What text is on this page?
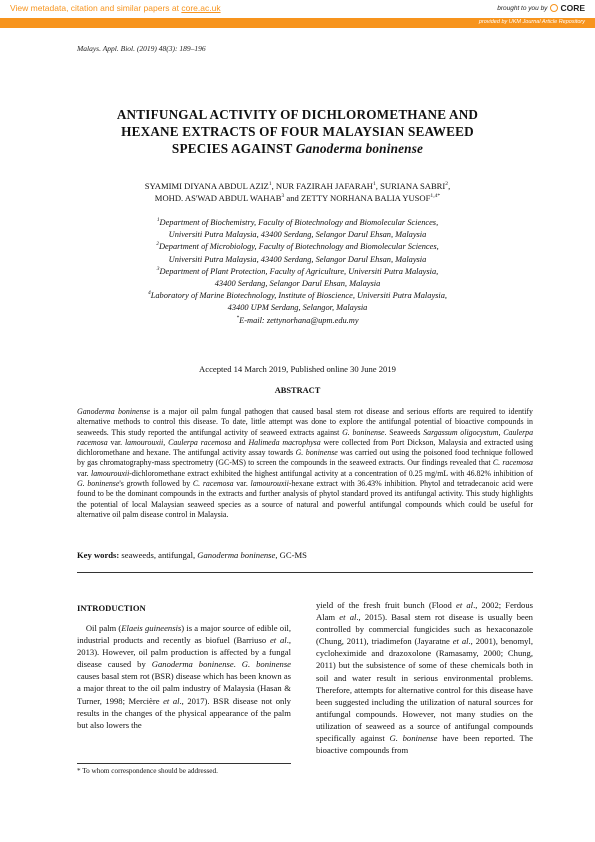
View metadata, citation and similar papers at core.ac.uk	brought to you by CORE
provided by UKM Journal Article Repository
Malays. Appl. Biol. (2019) 48(3): 189–196
ANTIFUNGAL ACTIVITY OF DICHLOROMETHANE AND
HEXANE EXTRACTS OF FOUR MALAYSIAN SEAWEED
SPECIES AGAINST Ganoderma boninense
SYAMIMI DIYANA ABDUL AZIZ$^1$, NUR FAZIRAH JAFARAH$^1$, SURIANA SABRI$^2$,
MOHD. AS'WAD ABDUL WAHAB$^3$ and ZETTY NORHANA BALIA $YUSOF^{1,4*}$
$^1$Department of Biochemistry, Faculty of Biotechnology and Biomolecular Sciences,
Universiti Putra Malaysia, 43400 Serdang, Selangor Darul Ehsan, Malaysia
$^2$Department of Microbiology, Faculty of Biotechnology and Biomolecular Sciences,
Universiti Putra Malaysia, 43400 Serdang, Selangor Darul Ehsan, Malaysia
$^3$Department of Plant Protection, Faculty of Agriculture, Universiti Putra Malaysia,
43400 Serdang, Selangor Darul Ehsan, Malaysia
$^4$Laboratory of Marine Biotechnology, Institute of Bioscience, Universiti Putra Malaysia,
43400 UPM Serdang, Selangor, Malaysia
*E-mail: zettynorhana@upm.edu.my
Accepted 14 March 2019, Published online 30 June 2019
ABSTRACT
Ganoderma boninense is a major oil palm fungal pathogen that caused basal stem rot disease and serious efforts are required to identify alternative methods to control this disease. To date, little attempt was done to explore the antifungal potential of bioactive compounds in seaweeds. This study reported the antifungal activity of seaweed extracts against G. boninense. Seaweeds Sargassum oligocystum, Caulerpa racemosa var. lamourouxii, Caulerpa racemosa and Halimeda macrophysa were collected from Port Dickson, Malaysia and extracted using dichloromethane and hexane. The antifungal activity assay towards G. boninense was carried out using the poisoned food technique followed by gas chromatography-mass spectrometry (GC-MS) to screen the compounds in the seaweed extracts. Our findings revealed that C. racemosa var. lamourouxii-dichloromethane extract exhibited the highest antifungal activity at a concentration of 0.25 mg/mL with 46.82% inhibition of G. boninense's growth followed by C. racemosa var. lamourouxii-hexane extract with 36.43% inhibition. Phytol and tetradecanoic acid were found to be the dominant compounds in the extracts and further analysis of phytol standard proved its antifungal activity. This study highlights the potential of local Malaysian seaweed species as a source of natural and powerful antifungal compounds which could be useful for alternative oil palm disease control in Malaysia.
Key words: seaweeds, antifungal, Ganoderma boninense, GC-MS
INTRODUCTION
Oil palm (Elaeis guineensis) is a major source of edible oil, industrial products and recently as biofuel (Barriuso et al., 2013). However, oil palm production is affected by a fungal disease caused by Ganoderma boninense. G. boninense causes basal stem rot (BSR) disease which has been known as a major threat to the oil palm industry of Malaysia (Hasan & Turner, 1998; Mercière et al., 2017). BSR disease not only results in the changes of the physical appearance of the palm but also lowers the
yield of the fresh fruit bunch (Flood et al., 2002; Ferdous Alam et al., 2015). Basal stem rot disease is usually been controlled by commercial fungicides such as hexaconazole (Chung, 2011), triadimefon (Jayaratne et al., 2001), benomyl, cycloheximide and drazoxolone (Ramasamy, 2000; Chung, 2011) but the subsistence of some of these chemicals both in soil and water result in serious environmental problems. Therefore, attempts for alternative control for this disease have been suggested including the utilization of natural sources for antifungal compounds. However, not many studies on the utilization of seaweed as a source of antifungal compounds specifically against G. boninense have been reported. The bioactive compounds from
* To whom correspondence should be addressed.
